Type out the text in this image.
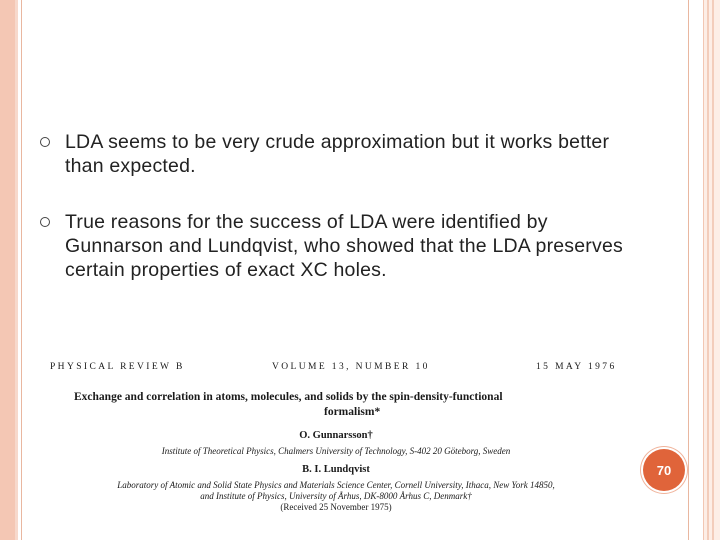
LDA seems to be very crude approximation but it works better than expected.
True reasons for the success of LDA were identified by Gunnarson and Lundqvist, who showed that the LDA preserves certain properties of exact XC holes.
PHYSICAL REVIEW B	VOLUME 13, NUMBER 10	15 MAY 1976
Exchange and correlation in atoms, molecules, and solids by the spin-density-functional
formalism*
O. Gunnarsson†
Institute of Theoretical Physics, Chalmers University of Technology, S-402 20 Göteborg, Sweden
B. I. Lundqvist
Laboratory of Atomic and Solid State Physics and Materials Science Center, Cornell University, Ithaca, New York 14850,
and Institute of Physics, University of Århus, DK-8000 Århus C, Denmark†
(Received 25 November 1975)
70
